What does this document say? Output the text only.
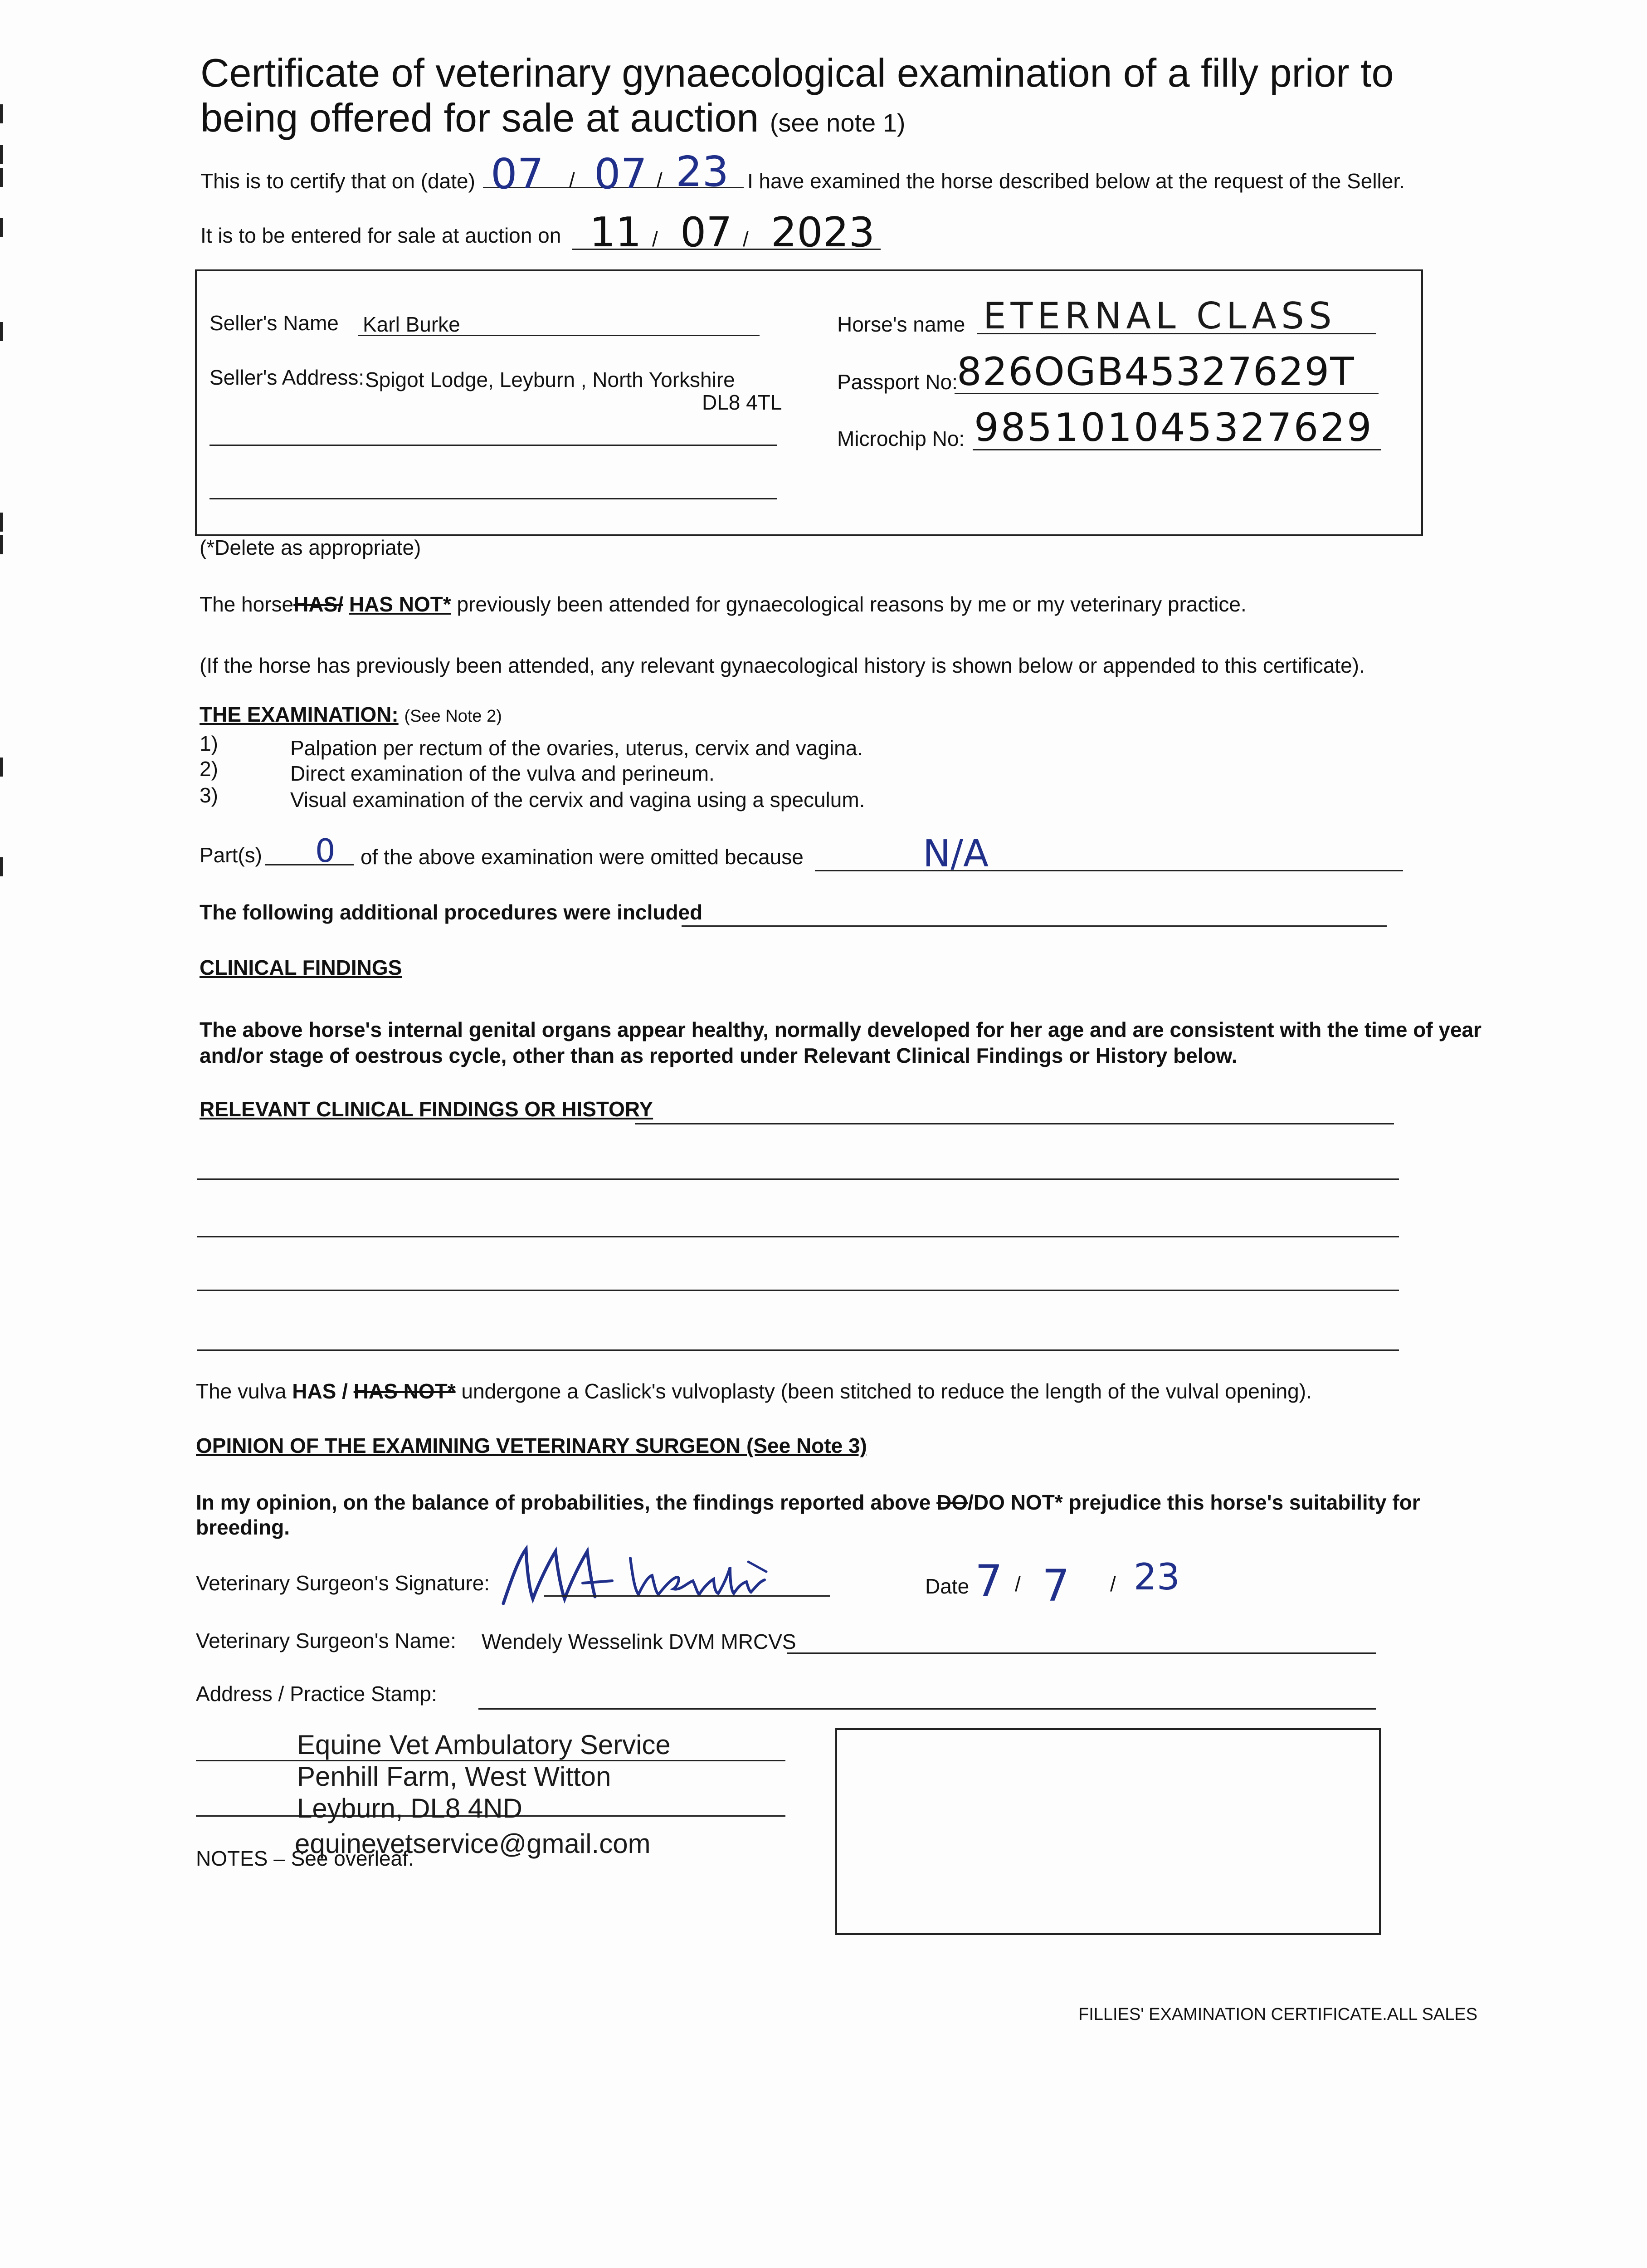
Certificate of veterinary gynaecological examination of a filly prior to
being offered for sale at auction (see note 1)
This is to certify that on (date) 07 / 07 / 23 I have examined the horse described below at the request of the Seller.
It is to be entered for sale at auction on 11 / 07 / 2023
Seller's Name Karl Burke
Seller's Address: Spigot Lodge, Leyburn , North Yorkshire
DL8 4TL
Horse's name ETERNAL CLASS
Passport No:
826OGB45327629T
Microchip No: 985101045327629
(*Delete as appropriate)
The horseHAS/ HAS NOT* previously been attended for gynaecological reasons by me or my veterinary practice.
(If the horse has previously been attended, any relevant gynaecological history is shown below or appended to this certificate).
THE EXAMINATION: (See Note 2)
1)	Palpation per rectum of the ovaries, uterus, cervix and vagina.
2)	Direct examination of the vulva and perineum.
3)	Visual examination of the cervix and vagina using a speculum.
Part(s) 0 of the above examination were omitted because	N/A
The following additional procedures were included
CLINICAL FINDINGS
The above horse's internal genital organs appear healthy, normally developed for her age and are consistent with the time of year
and/or stage of oestrous cycle, other than as reported under Relevant Clinical Findings or History below.
RELEVANT CLINICAL FINDINGS OR HISTORY
The vulva HAS / HAS NOT* undergone a Caslick's vulvoplasty (been stitched to reduce the length of the vulval opening).
OPINION OF THE EXAMINING VETERINARY SURGEON (See Note 3)
In my opinion, on the balance of probabilities, the findings reported above DO/DO NOT* prejudice this horse's suitability for
breeding.
Veterinary Surgeon's Signature:	Date 7 / 7 / 23
Veterinary Surgeon's Name: Wendely Wesselink DVM MRCVS
Address / Practice Stamp:
Equine Vet Ambulatory Service
Penhill Farm, West Witton
Leyburn, DL8 4ND
NOTES – See overleaf.
equinevetservice@gmail.com
FILLIES' EXAMINATION CERTIFICATE.ALL SALES
